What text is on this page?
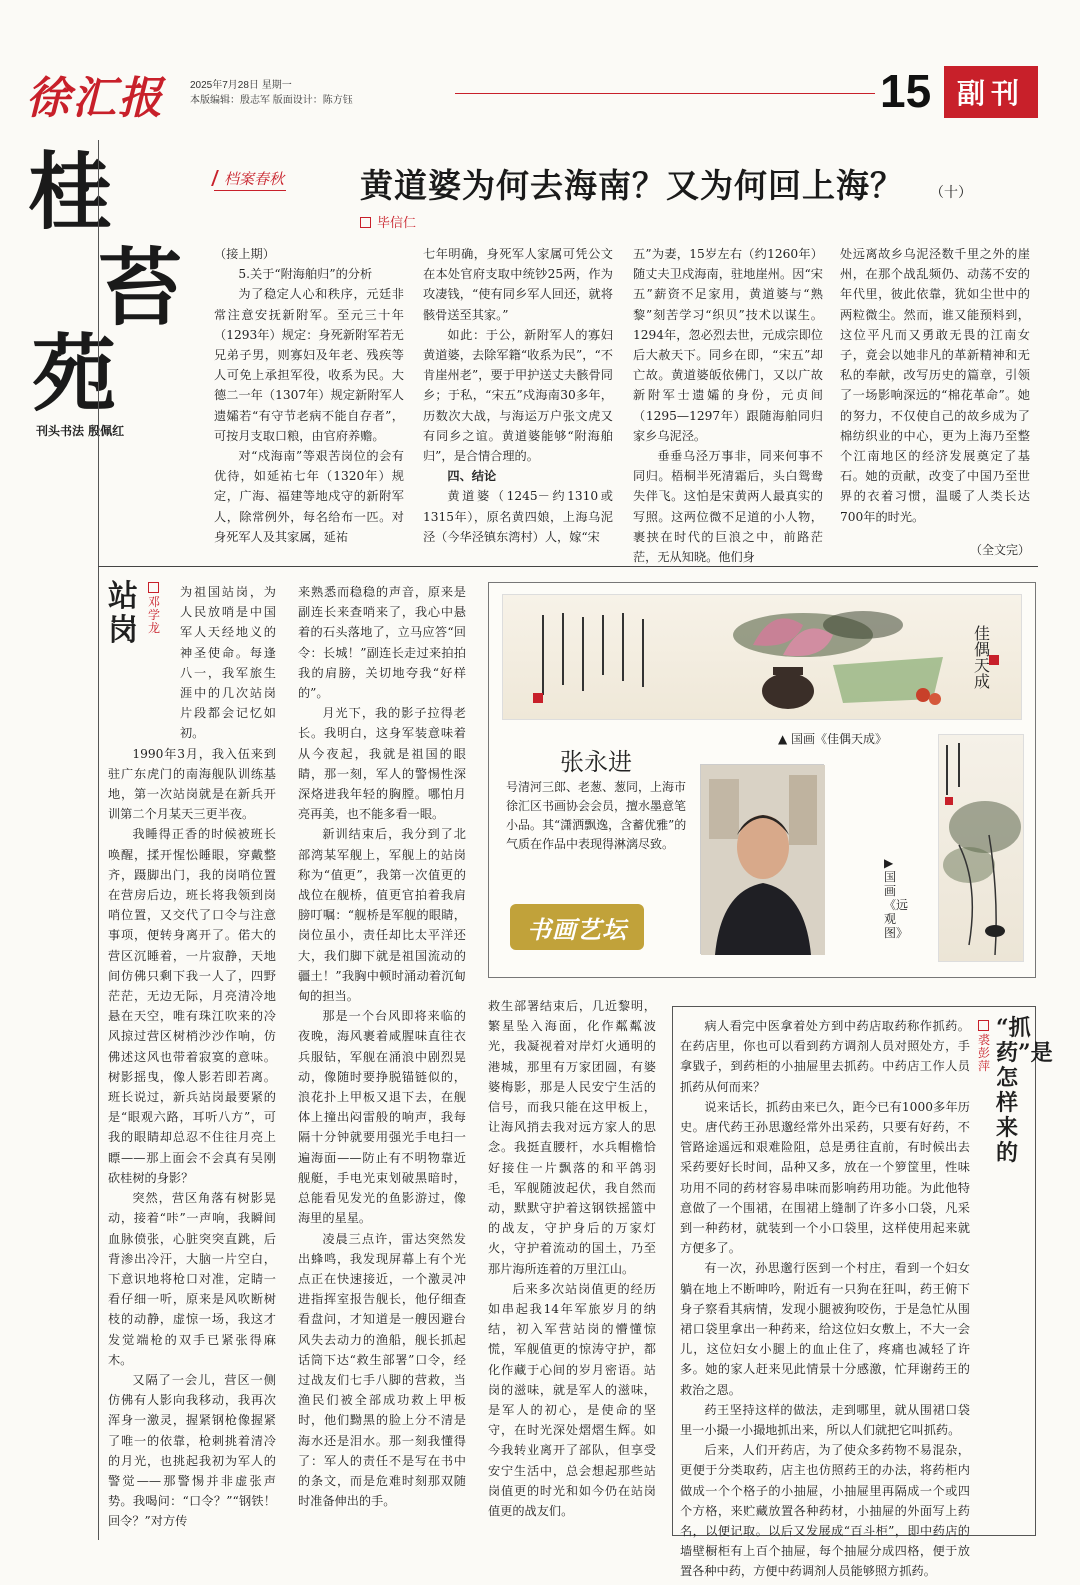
徐汇报	2025年7月28日 星期一
本版编辑：殷志军 版面设计：陈方钰	15 副刊
桂
苔
苑
刊头书法 殷佩红
档案春秋 黄道婆为何去海南？又为何回上海？ （十）
毕信仁

（接上期）

5.关于“附海舶归”的分析

为了稳定人心和秩序，元廷非常注意安抚新附军。至元三十年（1293年）规定：身死新附军若无兄弟子男，则寡妇及年老、残疾等人可免上承担军役，收系为民。大德二一年（1307年）规定新附军人遗孀若“有守节老病不能自存者”，可按月支取口粮，由官府养赡。

对“戍海南”等艰苦岗位的会有优待，如延祐七年（1320年）规定，广海、福建等地戍守的新附军人，除常例外，每名给布一匹。对身死军人及其家属，延祐

七年明确，身死军人家属可凭公文在本处官府支取中统钞25两，作为攻凄钱，“使有同乡军人回还，就将骸骨送至其家。”

如此：于公，新附军人的寡妇黄道婆，去除军籍“收系为民”，“不肯崖州老”，要于甲护送丈夫骸骨同乡；于私，“宋五”戍海南30多年，历数次大战，与海运万户张文虎又有同乡之谊。黄道婆能够“附海舶归”，是合情合理的。

四、结论

黄道婆（1245－约1310或1315年），原名黄四娘，上海乌泥泾（今华泾镇东湾村）人，嫁“宋

五”为妻，15岁左右（约1260年）随丈夫卫戍海南，驻地崖州。因“宋五”薪资不足家用，黄道婆与“熟黎”刻苦学习“织贝”技术以谋生。1294年，忽必烈去世，元成宗即位后大赦天下。同乡在即，“宋五”却亡故。黄道婆皈依佛门，又以广故新附军士遗孀的身份，元贞间（1295—1297年）跟随海舶同归家乡乌泥泾。

垂垂乌泾万事非，同来何事不同归。梧桐半死清霜后，头白鸳鸯失伴飞。这怕是宋黄两人最真实的写照。这两位微不足道的小人物，裹挟在时代的巨浪之中，前路茫茫，无从知晓。他们身

处远离故乡乌泥泾数千里之外的崖州，在那个战乱频仍、动荡不安的年代里，彼此依靠，犹如尘世中的两粒微尘。然而，谁又能预料到，这位平凡而又勇敢无畏的江南女子，竟会以她非凡的革新精神和无私的奉献，改写历史的篇章，引领了一场影响深远的“棉花革命”。她的努力，不仅使自己的故乡成为了棉纺织业的中心，更为上海乃至整个江南地区的经济发展奠定了基石。她的贡献，改变了中国乃至世界的衣着习惯，温暖了人类长达700年的时光。

（全文完）
站岗
邓学龙

为祖国站岗，为人民放哨是中国军人天经地义的神圣使命。每逢八一，我军旅生涯中的几次站岗片段都会记忆如初。

1990年3月，我入伍来到驻广东虎门的南海舰队训练基地，第一次站岗就是在新兵开训第二个月某天三更半夜。

我睡得正香的时候被班长唤醒，揉开惺忪睡眼，穿戴整齐，蹑脚出门，我的岗哨位置在营房后边，班长将我领到岗哨位置，又交代了口令与注意事项，便转身离开了。偌大的营区沉睡着，一片寂静，天地间仿佛只剩下我一人了，四野茫茫，无边无际，月亮清冷地悬在天空，唯有珠江吹来的冷风掠过营区树梢沙沙作响，仿佛述这风也带着寂寞的意味。树影摇曳，像人影若即若离。班长说过，新兵站岗最要紧的是“眼观六路，耳听八方”，可我的眼睛却总忍不住往月亮上瞟——那上面会不会真有吴刚砍桂树的身影？

突然，营区角落有树影晃动，接着“咔”一声响，我瞬间血脉偾张，心脏突突直跳，后背渗出冷汗，大脑一片空白，下意识地将枪口对准，定睛一看仔细一听，原来是风吹断树枝的动静，虚惊一场，我这才发觉端枪的双手已紧张得麻木。

又隔了一会儿，营区一侧仿佛有人影向我移动，我再次浑身一激灵，握紧钢枪像握紧了唯一的依靠，枪刺挑着清冷的月光，也挑起我初为军人的警觉——那警惕并非虚张声势。我喝问：“口令？”“钢铁！回令？”对方传

来熟悉而稳稳的声音，原来是副连长来查哨来了，我心中悬着的石头落地了，立马应答“回令：长城！”副连长走过来拍拍我的肩膀，关切地夸我“好样的”。

月光下，我的影子拉得老长。我明白，这身军装意味着从今夜起，我就是祖国的眼睛，那一刻，军人的警惕性深深烙进我年轻的胸膛。哪怕月亮再美，也不能多看一眼。

新训结束后，我分到了北部湾某军舰上，军舰上的站岗称为“值更”，我第一次值更的战位在舰桥，值更官拍着我肩膀叮嘱：“舰桥是军舰的眼睛，岗位虽小，责任却比太平洋还大，我们脚下就是祖国流动的疆土！”我胸中顿时涌动着沉甸甸的担当。

那是一个台风即将来临的夜晚，海风裹着咸腥味直往衣兵服钻，军舰在涌浪中剧烈晃动，像随时要挣脱锚链似的，浪花扑上甲板又退下去，在舰体上撞出闷雷般的响声，我每隔十分钟就要用强光手电扫一遍海面——防止有不明物靠近舰艇，手电光束划破黑暗时，总能看见发光的鱼影游过，像海里的星星。

凌晨三点许，雷达突然发出蜂鸣，我发现屏幕上有个光点正在快速接近，一个激灵冲进指挥室报告舰长，他仔细查看盘问，才知道是一艘因避台风失去动力的渔船，舰长抓起话筒下达“救生部署”口令，经过战友们七手八脚的营救，当渔民们被全部成功救上甲板时，他们黝黑的脸上分不清是海水还是泪水。那一刻我懂得了：军人的责任不是写在书中的条文，而是危难时刻那双随时准备伸出的手。

救生部署结束后，几近黎明，繁星坠入海面，化作粼粼波光，我凝视着对岸灯火通明的港城，那里有万家团圆，有婆婆梅影，那是人民安宁生活的信号，而我只能在这甲板上，让海风捎去我对远方家人的思念。我挺直腰杆，水兵帽檐恰好接住一片飘落的和平鸽羽毛，军舰随波起伏，我自然而动，默默守护着这钢铁摇篮中的战友，守护身后的万家灯火，守护着流动的国土，乃至那片海所连着的万里江山。

后来多次站岗值更的经历如串起我14年军旅岁月的纳结，初入军营站岗的懵懂惊慌，军舰值更的惊涛守护，都化作藏于心间的岁月密语。站岗的滋味，就是军人的滋味，是军人的初心，是使命的坚守，在时光深处熠熠生辉。如今我转业离开了部队，但享受安宁生活中，总会想起那些站岗值更的时光和如今仍在站岗值更的战友们。

佳偶天成
▲ 国画《佳偶天成》
张永进
号清河三郎、老葱、葱同，上海市徐汇区书画协会会员，擅水墨意笔小品。其“潇洒飘逸，含蓄优雅”的气质在作品中表现得淋漓尽致。
▶ 国画《远观图》
书画艺坛
“抓药”是怎样来的
裘彭萍

病人看完中医拿着处方到中药店取药称作抓药。在药店里，你也可以看到药方调剂人员对照处方，手拿戥子，到药柜的小抽屉里去抓药。中药店工作人员抓药从何而来？

说来话长，抓药由来已久，距今已有1000多年历史。唐代药王孙思邈经常外出采药，只要有好药，不管路途遥远和艰难险阻，总是勇往直前，有时候出去采药要好长时间，品种又多，放在一个箩筐里，性味功用不同的药材容易串味而影响药用功能。为此他特意做了一个围裙，在围裙上缝制了许多小口袋，凡采到一种药材，就装到一个小口袋里，这样使用起来就方便多了。

有一次，孙思邈行医到一个村庄，看到一个妇女躺在地上不断呻吟，附近有一只狗在狂叫，药王俯下身子察看其病情，发现小腿被狗咬伤，于是急忙从围裙口袋里拿出一种药来，给这位妇女敷上，不大一会儿，这位妇女小腿上的血止住了，疼痛也减轻了许多。她的家人赶来见此情景十分感激，忙拜谢药王的救治之恩。

药王坚持这样的做法，走到哪里，就从围裙口袋里一小撮一小撮地抓出来，所以人们就把它叫抓药。

后来，人们开药店，为了使众多药物不易混杂，更便于分类取药，店主也仿照药王的办法，将药柜内做成一个个格子的小抽屉，小抽屉里再隔成一个或四个方格，来贮藏放置各种药材，小抽屉的外面写上药名，以便记取。以后又发展成“百斗柜”，即中药店的墙壁橱柜有上百个抽屉，每个抽屉分成四格，便于放置各种中药，方便中药调剂人员能够照方抓药。
